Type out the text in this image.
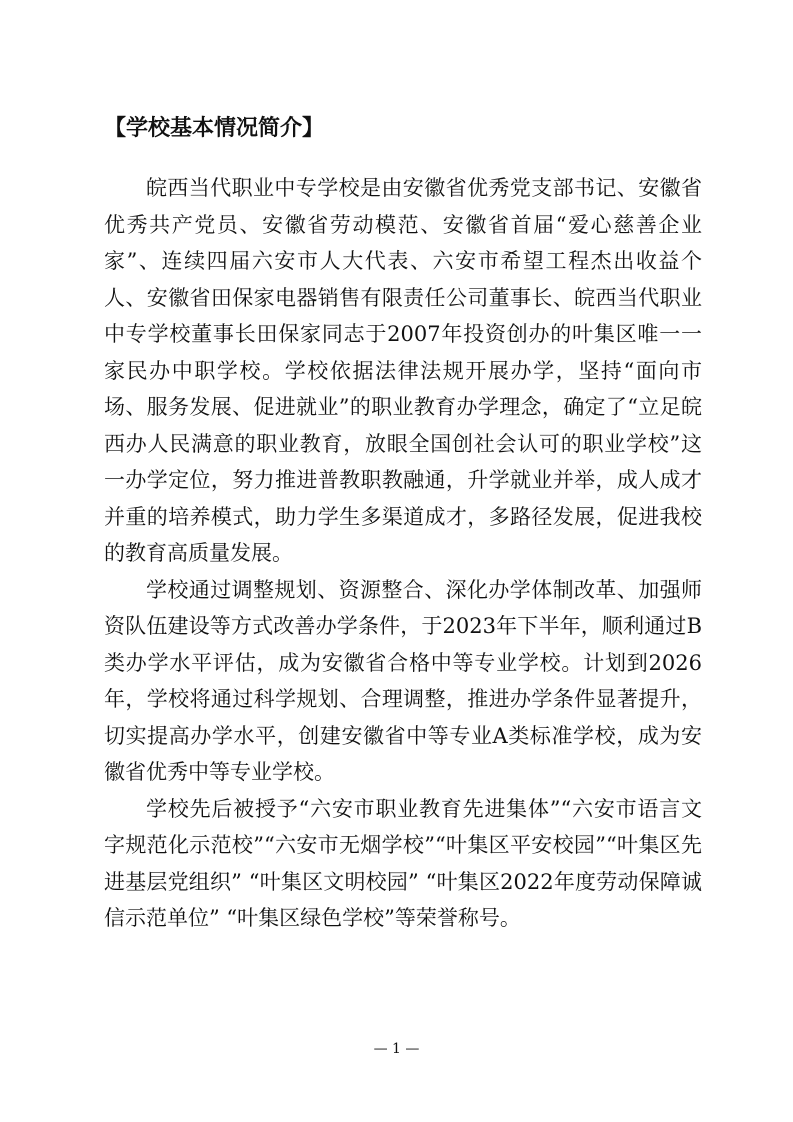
【学校基本情况简介】

皖西当代职业中专学校是由安徽省优秀党支部书记、安徽省优秀共产党员、安徽省劳动模范、安徽省首届“爱心慈善企业家”、连续四届六安市人大代表、六安市希望工程杰出收益个人、安徽省田保家电器销售有限责任公司董事长、皖西当代职业中专学校董事长田保家同志于2007年投资创办的叶集区唯一一家民办中职学校。学校依据法律法规开展办学，坚持“面向市场、服务发展、促进就业”的职业教育办学理念，确定了“立足皖西办人民满意的职业教育，放眼全国创社会认可的职业学校”这一办学定位，努力推进普教职教融通，升学就业并举，成人成才并重的培养模式，助力学生多渠道成才，多路径发展，促进我校的教育高质量发展。

学校通过调整规划、资源整合、深化办学体制改革、加强师资队伍建设等方式改善办学条件，于2023年下半年，顺利通过B类办学水平评估，成为安徽省合格中等专业学校。计划到2026年，学校将通过科学规划、合理调整，推进办学条件显著提升，切实提高办学水平，创建安徽省中等专业A类标准学校，成为安徽省优秀中等专业学校。

学校先后被授予“六安市职业教育先进集体”“六安市语言文字规范化示范校”“六安市无烟学校”“叶集区平安校园”“叶集区先进基层党组织” “叶集区文明校园” “叶集区2022年度劳动保障诚信示范单位” “叶集区绿色学校”等荣誉称号。

— 1 —
